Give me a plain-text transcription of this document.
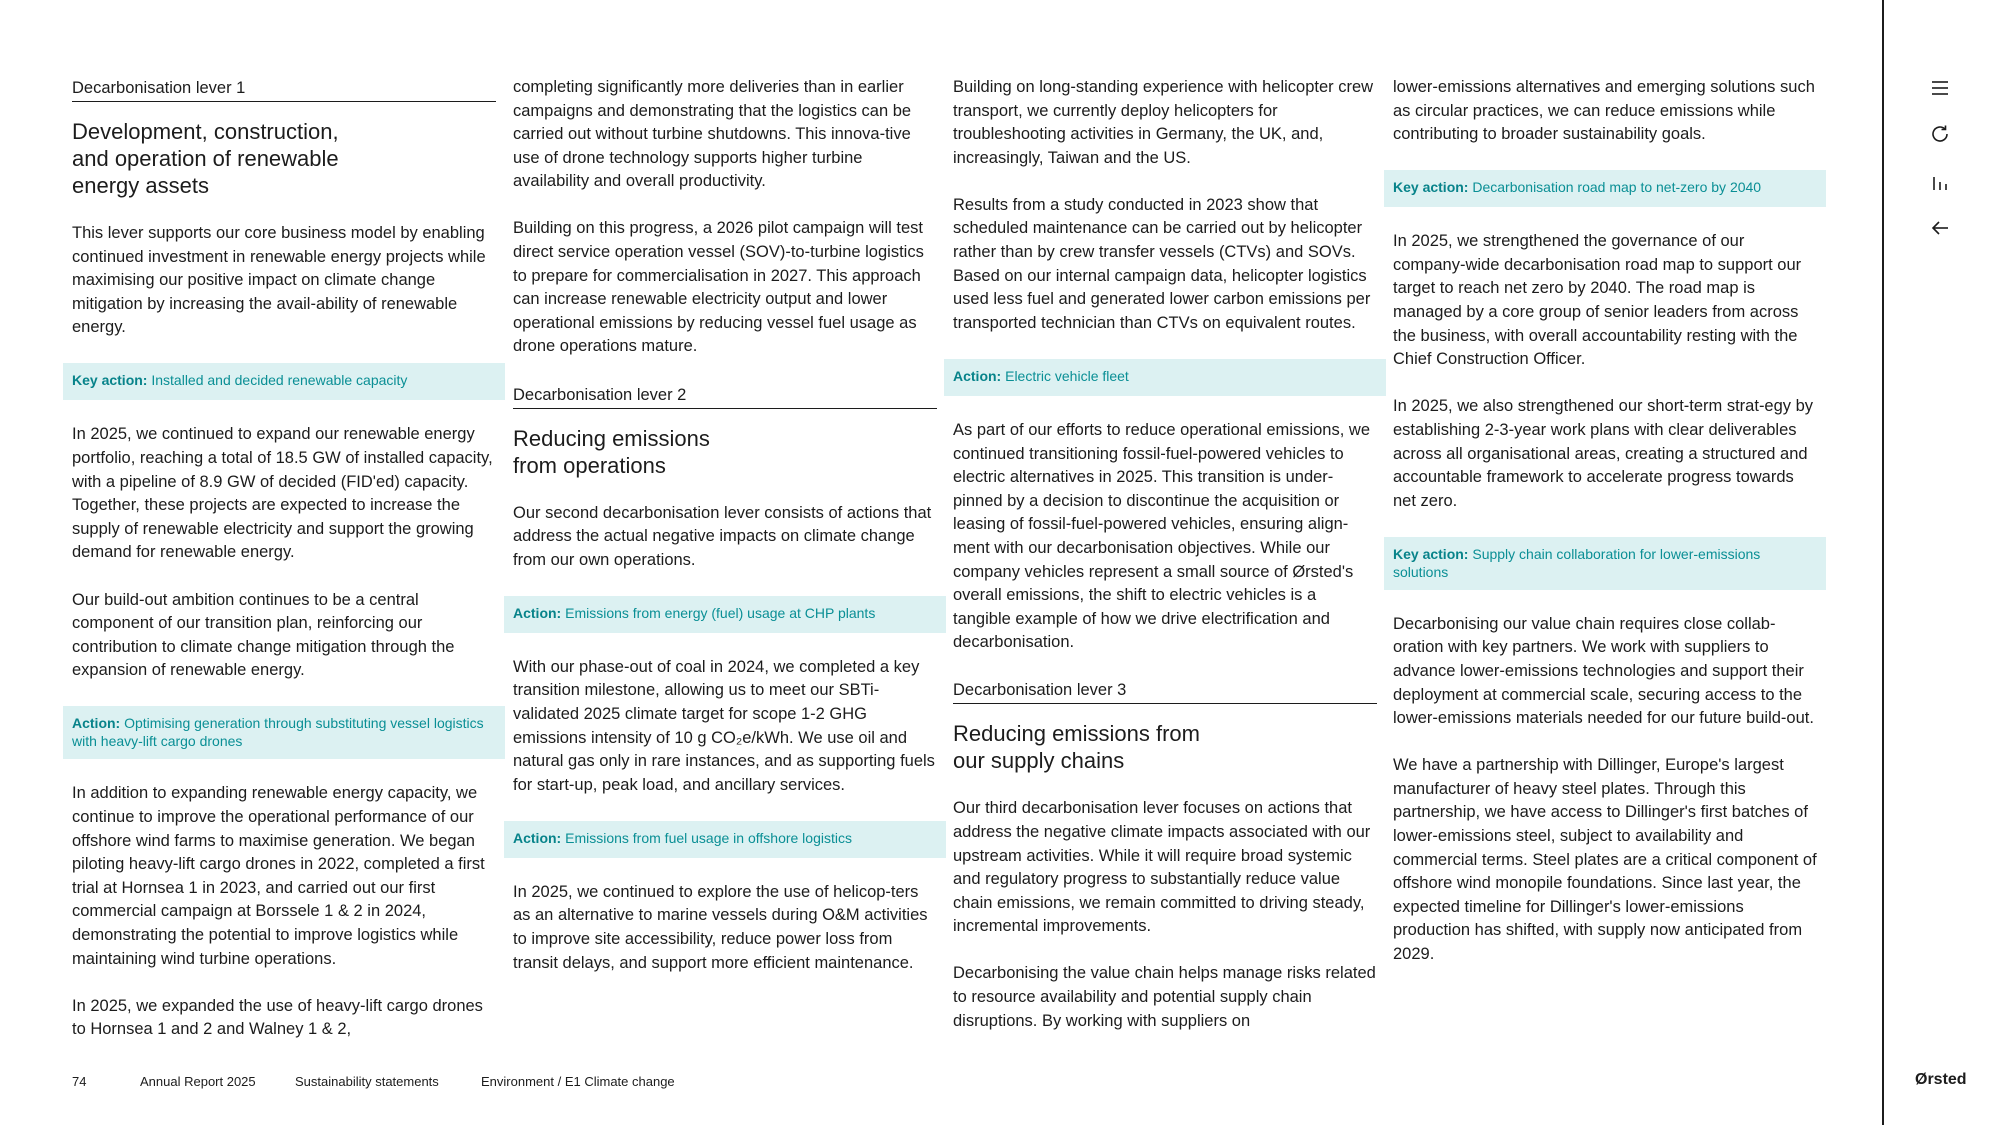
Decarbonisation lever 1
Development, construction,
and operation of renewable
energy assets

This lever supports our core business model by enabling continued investment in renewable energy projects while maximising our positive impact on climate change mitigation by increasing the avail-ability of renewable energy.

Key action: Installed and decided renewable capacity

In 2025, we continued to expand our renewable energy portfolio, reaching a total of 18.5 GW of installed capacity, with a pipeline of 8.9 GW of decided (FID'ed) capacity. Together, these projects are expected to increase the supply of renewable electricity and support the growing demand for renewable energy.

Our build-out ambition continues to be a central component of our transition plan, reinforcing our contribution to climate change mitigation through the expansion of renewable energy.

Action: Optimising generation through substituting vessel logistics with heavy-lift cargo drones

In addition to expanding renewable energy capacity, we continue to improve the operational performance of our offshore wind farms to maximise generation. We began piloting heavy-lift cargo drones in 2022, completed a first trial at Hornsea 1 in 2023, and carried out our first commercial campaign at Borssele 1 & 2 in 2024, demonstrating the potential to improve logistics while maintaining wind turbine operations.

In 2025, we expanded the use of heavy-lift cargo drones to Hornsea 1 and 2 and Walney 1 & 2,

completing significantly more deliveries than in earlier campaigns and demonstrating that the logistics can be carried out without turbine shutdowns. This innova-tive use of drone technology supports higher turbine availability and overall productivity.

Building on this progress, a 2026 pilot campaign will test direct service operation vessel (SOV)-to-turbine logistics to prepare for commercialisation in 2027. This approach can increase renewable electricity output and lower operational emissions by reducing vessel fuel usage as drone operations mature.

Decarbonisation lever 2
Reducing emissions
from operations

Our second decarbonisation lever consists of actions that address the actual negative impacts on climate change from our own operations.

Action: Emissions from energy (fuel) usage at CHP plants

With our phase-out of coal in 2024, we completed a key transition milestone, allowing us to meet our SBTi-validated 2025 climate target for scope 1-2 GHG emissions intensity of 10 g CO₂e/kWh. We use oil and natural gas only in rare instances, and as supporting fuels for start-up, peak load, and ancillary services.

Action: Emissions from fuel usage in offshore logistics

In 2025, we continued to explore the use of helicop-ters as an alternative to marine vessels during O&M activities to improve site accessibility, reduce power loss from transit delays, and support more efficient maintenance.

Building on long-standing experience with helicopter crew transport, we currently deploy helicopters for troubleshooting activities in Germany, the UK, and, increasingly, Taiwan and the US.

Results from a study conducted in 2023 show that scheduled maintenance can be carried out by helicopter rather than by crew transfer vessels (CTVs) and SOVs. Based on our internal campaign data, helicopter logistics used less fuel and generated lower carbon emissions per transported technician than CTVs on equivalent routes.

Action: Electric vehicle fleet

As part of our efforts to reduce operational emissions, we continued transitioning fossil-fuel-powered vehicles to electric alternatives in 2025. This transition is under-pinned by a decision to discontinue the acquisition or leasing of fossil-fuel-powered vehicles, ensuring align-ment with our decarbonisation objectives. While our company vehicles represent a small source of Ørsted's overall emissions, the shift to electric vehicles is a tangible example of how we drive electrification and decarbonisation.

Decarbonisation lever 3
Reducing emissions from
our supply chains

Our third decarbonisation lever focuses on actions that address the negative climate impacts associated with our upstream activities. While it will require broad systemic and regulatory progress to substantially reduce value chain emissions, we remain committed to driving steady, incremental improvements.

Decarbonising the value chain helps manage risks related to resource availability and potential supply chain disruptions. By working with suppliers on

lower-emissions alternatives and emerging solutions such as circular practices, we can reduce emissions while contributing to broader sustainability goals.

Key action: Decarbonisation road map to net-zero by 2040

In 2025, we strengthened the governance of our company-wide decarbonisation road map to support our target to reach net zero by 2040. The road map is managed by a core group of senior leaders from across the business, with overall accountability resting with the Chief Construction Officer.

In 2025, we also strengthened our short-term strat-egy by establishing 2-3-year work plans with clear deliverables across all organisational areas, creating a structured and accountable framework to accelerate progress towards net zero.

Key action: Supply chain collaboration for lower-emissions solutions

Decarbonising our value chain requires close collab-oration with key partners. We work with suppliers to advance lower-emissions technologies and support their deployment at commercial scale, securing access to the lower-emissions materials needed for our future build-out.

We have a partnership with Dillinger, Europe's largest manufacturer of heavy steel plates. Through this partnership, we have access to Dillinger's first batches of lower-emissions steel, subject to availability and commercial terms. Steel plates are a critical component of offshore wind monopile foundations. Since last year, the expected timeline for Dillinger's lower-emissions production has shifted, with supply now anticipated from 2029.

74	Annual Report 2025	Sustainability statements	Environment / E1 Climate change	Ørsted
